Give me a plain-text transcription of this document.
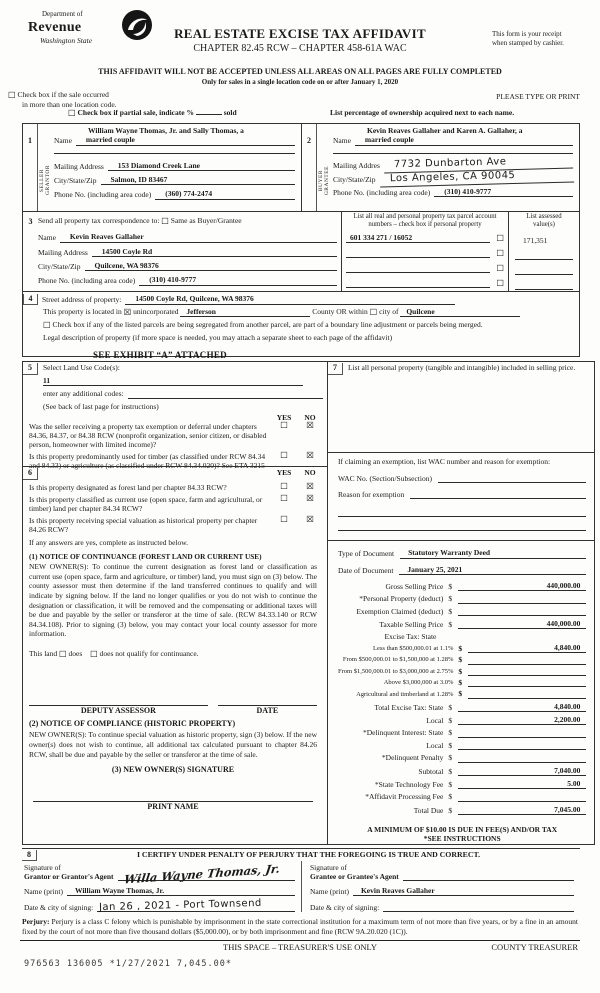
Department of
Revenue
Washington State	REAL ESTATE EXCISE TAX AFFIDAVIT
CHAPTER 82.45 RCW – CHAPTER 458-61A WAC
This form is your receipt when stamped by cashier.
THIS AFFIDAVIT WILL NOT BE ACCEPTED UNLESS ALL AREAS ON ALL PAGES ARE FULLY COMPLETED
Only for sales in a single location code on or after January 1, 2020
☐ Check box if the sale occurred
in more than one location code.
PLEASE TYPE OR PRINT
☐ Check box if partial sale, indicate %	sold	List percentage of ownership acquired next to each name.
1
SELLER GRANTOR
William Wayne Thomas, Jr. and Sally Thomas, a
Name	married couple
Mailing Address	153 Diamond Creek Lane
City/State/Zip	Salmon, ID 83467
Phone No. (including area code)	(360) 774-2474
2
BUYER GRANTEE
Kevin Reaves Gallaher and Karen A. Gallaher, a
Name	married couple
Mailing Addres	7732 Dunbarton Ave
City/State/Zip	Los Angeles, CA 90045
Phone No. (including area code)	(310) 410-9777
3 Send all property tax correspondence to: ☐ Same as Buyer/Grantee
Name	Kevin Reaves Gallaher
Mailing Address	14500 Coyle Rd
City/State/Zip	Quilcene, WA 98376
Phone No. (including area code)	(310) 410-9777
List all real and personal property tax parcel account numbers – check box if personal property
601 334 271 / 16052	☐
☐
☐
☐
List assessed value(s)
171,351
4	Street address of property:	14500 Coyle Rd, Quilcene, WA 98376
This property is located in ☒ unincorporated Jefferson	County OR within ☐ city of Quilcene
☐ Check box if any of the listed parcels are being segregated from another parcel, are part of a boundary line adjustment or parcels being merged.
Legal description of property (if more space is needed, you may attach a separate sheet to each page of the affidavit)
SEE EXHIBIT “A” ATTACHED
5	Select Land Use Code(s):
11
enter any additional codes:
(See back of last page for instructions)
YES	NO
Was the seller receiving a property tax exemption or deferral under chapters 84.36, 84.37, or 84.38 RCW (nonprofit organization, senior citizen, or disabled person, homeowner with limited income)?
☐	☒
Is this property predominantly used for timber (as classified under RCW 84.34 and 84.33) or agriculture (as classified under RCW 84.34.020)? See ETA 3215
☐	☒
6	YES	NO
Is this property designated as forest land per chapter 84.33 RCW?	☐	☒
Is this property classified as current use (open space, farm and agricultural, or timber) land per chapter 84.34 RCW?
☐	☒
Is this property receiving special valuation as historical property per chapter 84.26 RCW?
☐	☒
If any answers are yes, complete as instructed below.
(1) NOTICE OF CONTINUANCE (FOREST LAND OR CURRENT USE)
NEW OWNER(S): To continue the current designation as forest land or classification as current use (open space, farm and agriculture, or timber) land, you must sign on (3) below. The county assessor must then determine if the land transferred continues to qualify and will indicate by signing below. If the land no longer qualifies or you do not wish to continue the designation or classification, it will be removed and the compensating or additional taxes will be due and payable by the seller or transferor at the time of sale. (RCW 84.33.140 or RCW 84.34.108). Prior to signing (3) below, you may contact your local county assessor for more information.
This land ☐ does ☐ does not qualify for continuance.
DEPUTY ASSESSOR	DATE
(2) NOTICE OF COMPLIANCE (HISTORIC PROPERTY)
NEW OWNER(S): To continue special valuation as historic property, sign (3) below. If the new owner(s) does not wish to continue, all additional tax calculated pursuant to chapter 84.26 RCW, shall be due and payable by the seller or transferor at the time of sale.
(3) NEW OWNER(S) SIGNATURE
PRINT NAME
7	List all personal property (tangible and intangible) included in selling price.
If claiming an exemption, list WAC number and reason for exemption:
WAC No. (Section/Subsection)
Reason for exemption
Type of Document	Statutory Warranty Deed
Date of Document	January 25, 2021
Gross Selling Price $	440,000.00
*Personal Property (deduct) $
Exemption Claimed (deduct) $
Taxable Selling Price $	440,000.00
Excise Tax: State
Less than $500,000.01 at 1.1% $	4,840.00
From $500,000.01 to $1,500,000 at 1.28% $
From $1,500,000.01 to $3,000,000 at 2.75% $
Above $3,000,000 at 3.0% $
Agricultural and timberland at 1.28% $
Total Excise Tax: State $	4,840.00
Local $	2,200.00
*Delinquent Interest: State $
Local $
*Delinquent Penalty $
Subtotal $	7,040.00
*State Technology Fee $	5.00
*Affidavit Processing Fee $
Total Due $	7,045.00
A MINIMUM OF $10.00 IS DUE IN FEE(S) AND/OR TAX
*SEE INSTRUCTIONS
8	I CERTIFY UNDER PENALTY OF PERJURY THAT THE FOREGOING IS TRUE AND CORRECT.
Signature of
Grantor or Grantor's Agent Willa Wayne Thomas, Jr.
Name (print)	William Wayne Thomas, Jr.
Date & city of signing: Jan 26 , 2021 - Port Townsend
Signature of
Grantee or Grantee's Agent
Name (print)	Kevin Reaves Gallaher
Date & city of signing:
Perjury: Perjury is a class C felony which is punishable by imprisonment in the state correctional institution for a maximum term of not more than five years, or by a fine in an amount fixed by the court of not more than five thousand dollars ($5,000.00), or by both imprisonment and fine (RCW 9A.20.020 (1C)).
THIS SPACE – TREASURER'S USE ONLY	COUNTY TREASURER
976563 136005 *1/27/2021 7,045.00*
